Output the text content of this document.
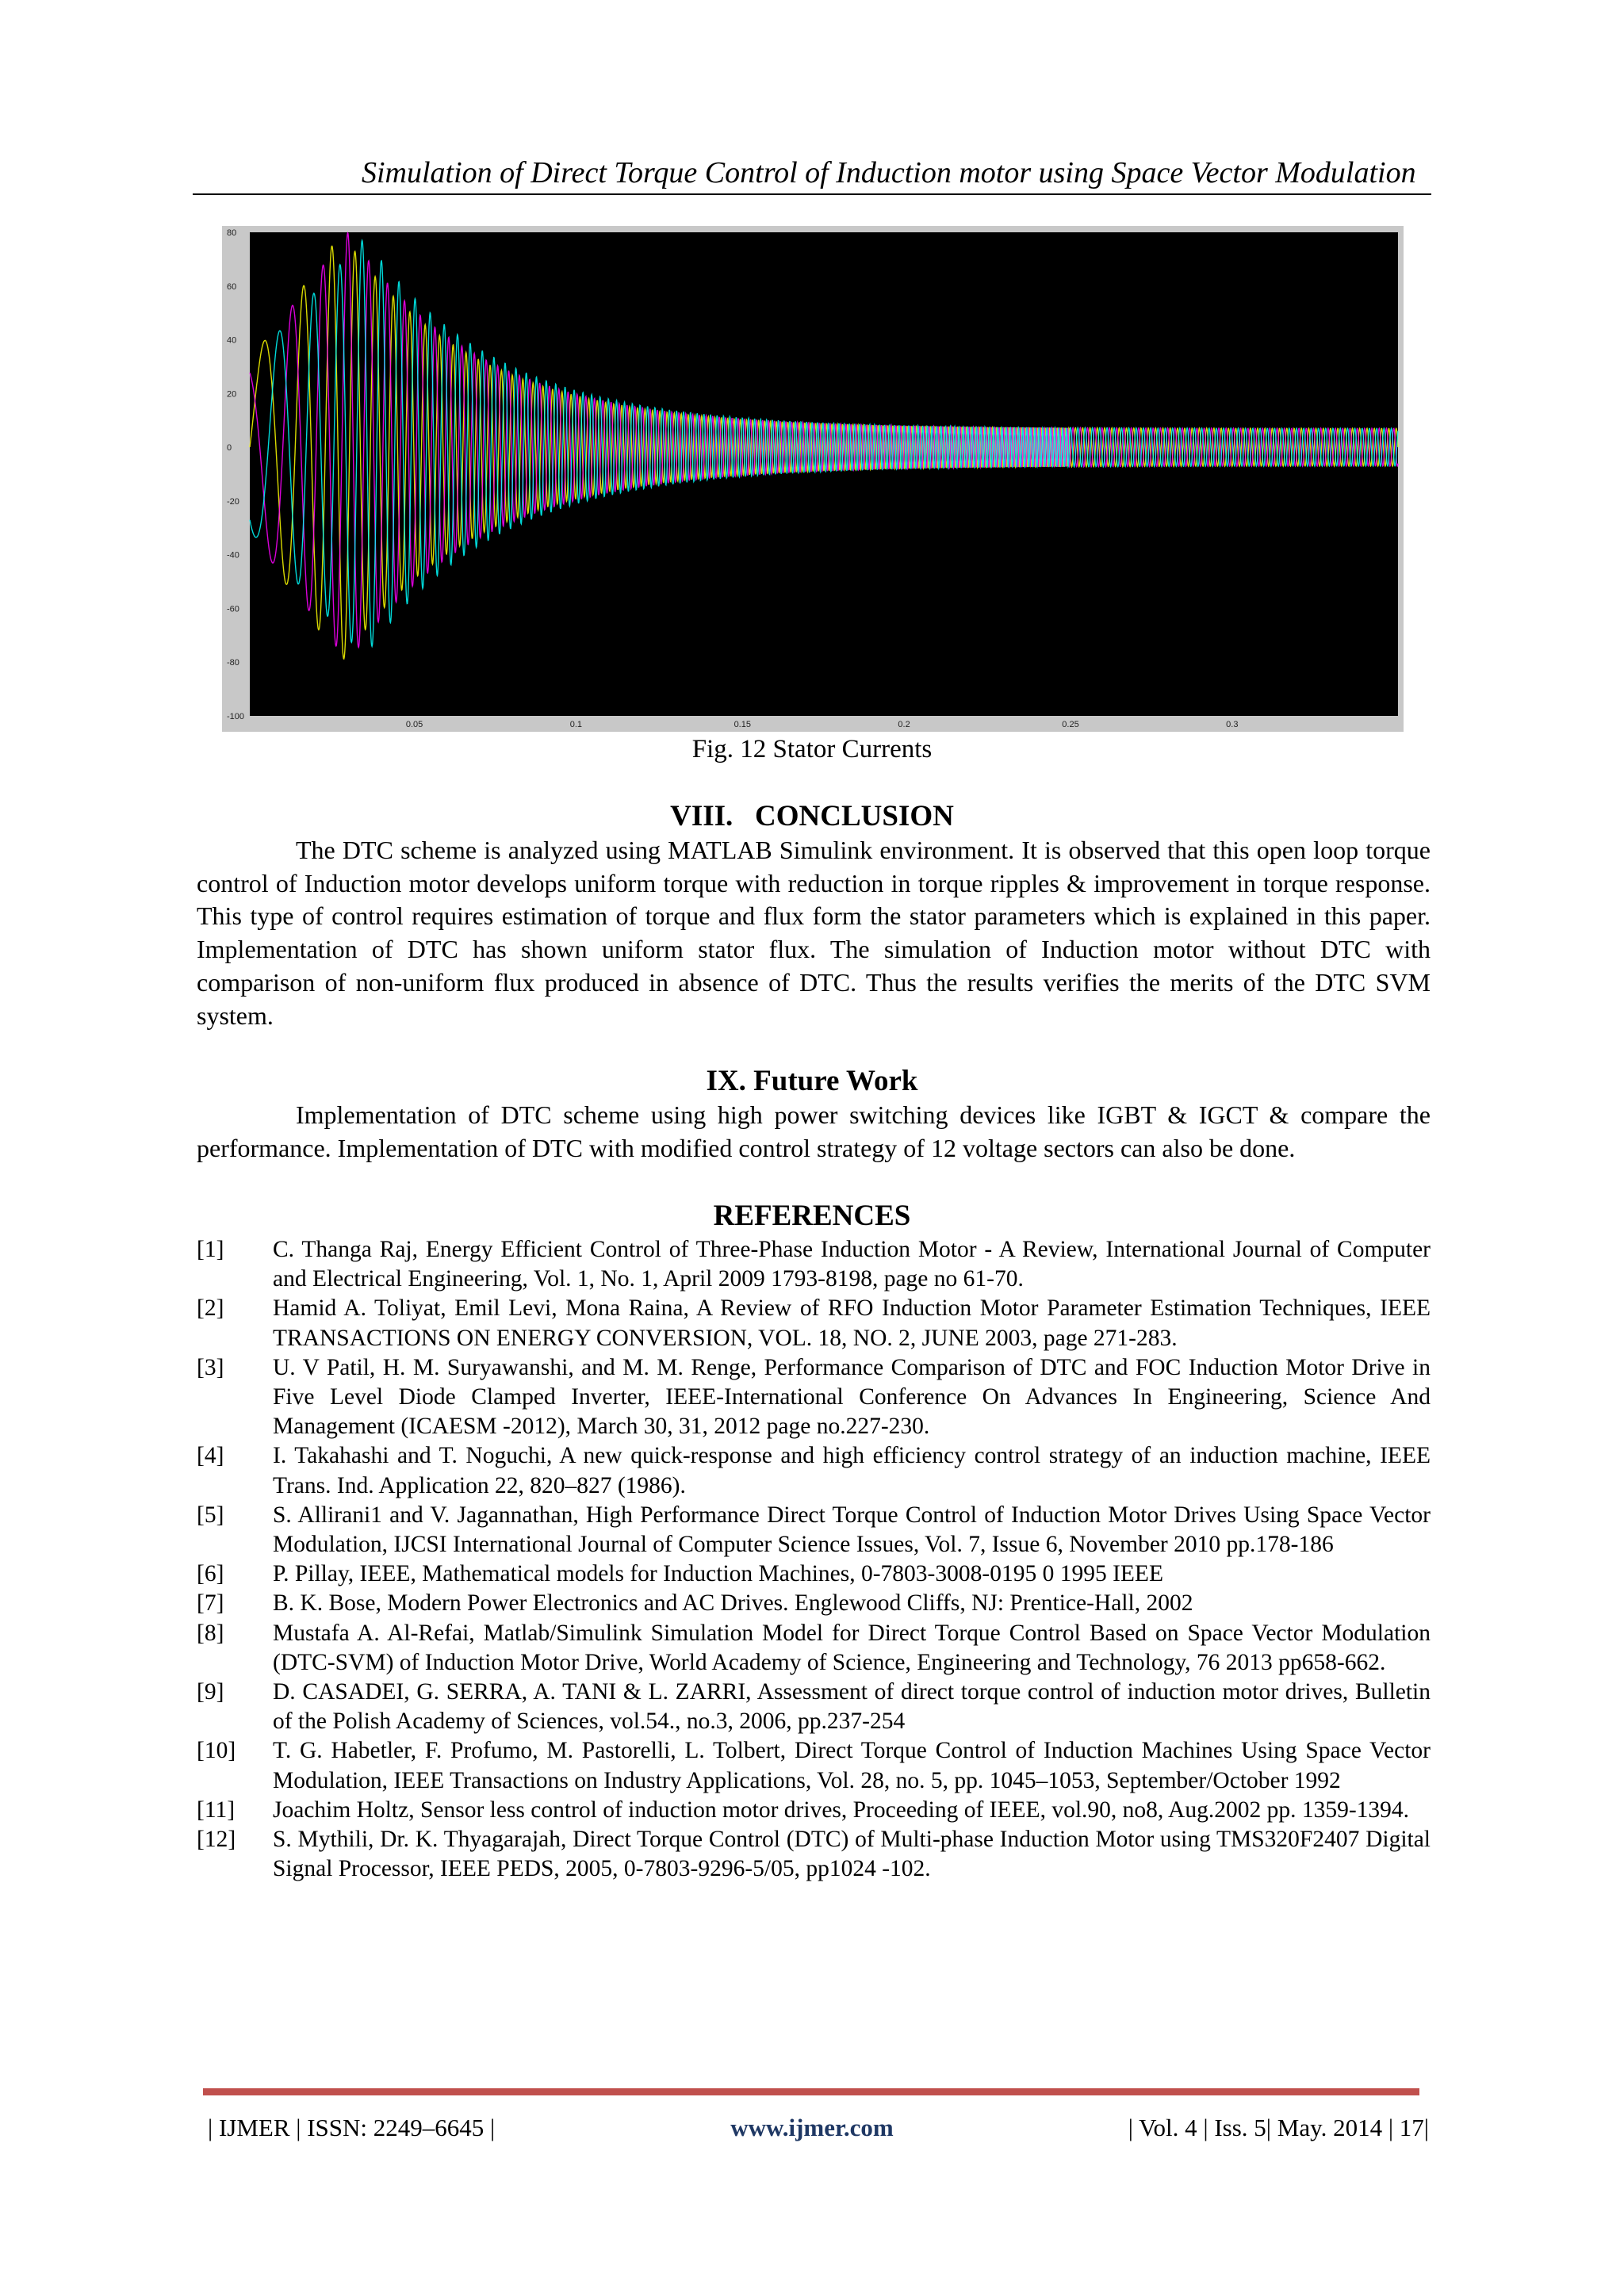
Simulation of Direct Torque Control of Induction motor using Space Vector Modulation
80
60
40
20
0
-20
-40
-60
-80
-100
0.05	0.1	0.15	0.2	0.25	0.3
Fig. 12 Stator Currents
VIII. CONCLUSION
The DTC scheme is analyzed using MATLAB Simulink environment. It is observed that this open loop torque control of Induction motor develops uniform torque with reduction in torque ripples & improvement in torque response. This type of control requires estimation of torque and flux form the stator parameters which is explained in this paper. Implementation of DTC has shown uniform stator flux. The simulation of Induction motor without DTC with comparison of non-uniform flux produced in absence of DTC. Thus the results verifies the merits of the DTC SVM system.
IX. Future Work
Implementation of DTC scheme using high power switching devices like IGBT & IGCT & compare the performance. Implementation of DTC with modified control strategy of 12 voltage sectors can also be done.
REFERENCES
[1]	C. Thanga Raj, Energy Efficient Control of Three-Phase Induction Motor - A Review, International Journal of Computer and Electrical Engineering, Vol. 1, No. 1, April 2009 1793-8198, page no 61-70.
[2]	Hamid A. Toliyat, Emil Levi, Mona Raina, A Review of RFO Induction Motor Parameter Estimation Techniques, IEEE TRANSACTIONS ON ENERGY CONVERSION, VOL. 18, NO. 2, JUNE 2003, page 271-283.
[3]	U. V Patil, H. M. Suryawanshi, and M. M. Renge, Performance Comparison of DTC and FOC Induction Motor Drive in Five Level Diode Clamped Inverter, IEEE-International Conference On Advances In Engineering, Science And Management (ICAESM -2012), March 30, 31, 2012 page no.227-230.
[4]	I. Takahashi and T. Noguchi, A new quick-response and high efficiency control strategy of an induction machine, IEEE Trans. Ind. Application 22, 820–827 (1986).
[5]	S. Allirani1 and V. Jagannathan, High Performance Direct Torque Control of Induction Motor Drives Using Space Vector Modulation, IJCSI International Journal of Computer Science Issues, Vol. 7, Issue 6, November 2010 pp.178-186
[6]	P. Pillay, IEEE, Mathematical models for Induction Machines, 0-7803-3008-0195 0 1995 IEEE
[7]	B. K. Bose, Modern Power Electronics and AC Drives. Englewood Cliffs, NJ: Prentice-Hall, 2002
[8]	Mustafa A. Al-Refai, Matlab/Simulink Simulation Model for Direct Torque Control Based on Space Vector Modulation (DTC-SVM) of Induction Motor Drive, World Academy of Science, Engineering and Technology, 76 2013 pp658-662.
[9]	D. CASADEI, G. SERRA, A. TANI & L. ZARRI, Assessment of direct torque control of induction motor drives, Bulletin of the Polish Academy of Sciences, vol.54., no.3, 2006, pp.237-254
[10]	T. G. Habetler, F. Profumo, M. Pastorelli, L. Tolbert, Direct Torque Control of Induction Machines Using Space Vector Modulation, IEEE Transactions on Industry Applications, Vol. 28, no. 5, pp. 1045–1053, September/October 1992
[11]	Joachim Holtz, Sensor less control of induction motor drives, Proceeding of IEEE, vol.90, no8, Aug.2002 pp. 1359-1394.
[12]	S. Mythili, Dr. K. Thyagarajah, Direct Torque Control (DTC) of Multi-phase Induction Motor using TMS320F2407 Digital Signal Processor, IEEE PEDS, 2005, 0-7803-9296-5/05, pp1024 -102.
| IJMER | ISSN: 2249–6645 |	www.ijmer.com	| Vol. 4 | Iss. 5| May. 2014 | 17|
